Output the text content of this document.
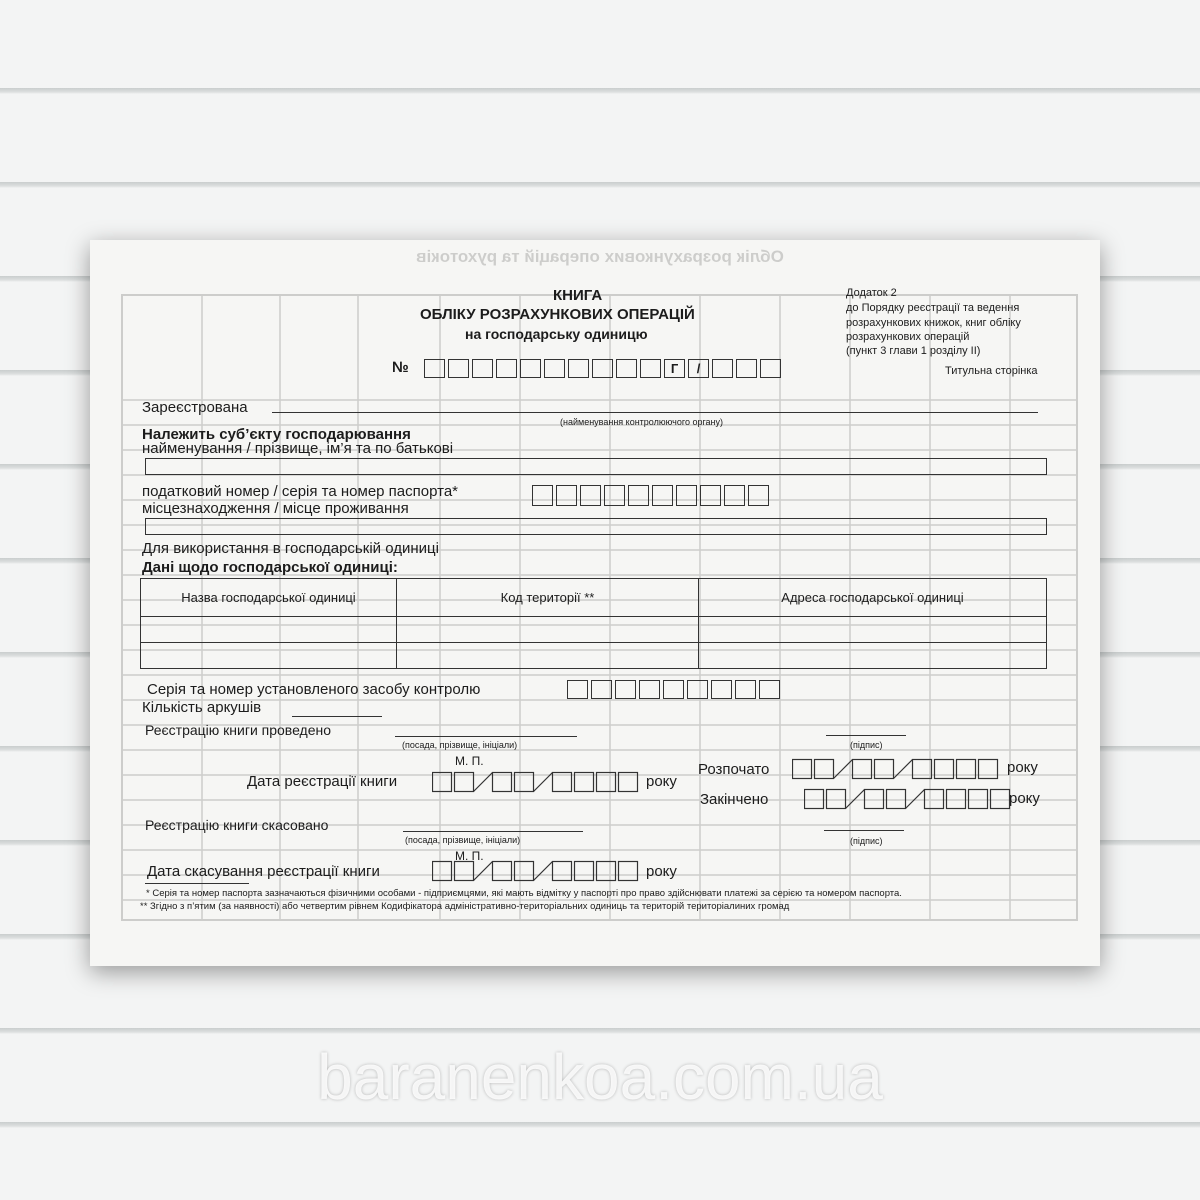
Облік розрахункових операцій та рухотоків
КНИГА
ОБЛІКУ РОЗРАХУНКОВИХ ОПЕРАЦІЙ
на господарську одиницю
Додаток 2
до Порядку реєстрації та ведення
розрахункових книжок, книг обліку
розрахункових операцій
(пункт 3 глави 1 розділу ІІ)
Титульна сторінка
№	Г	/
Зареєстрована
(найменування контролюючого органу)
Належить суб’єкту господарювання
найменування / прізвище, ім’я та по батькові
податковий номер / серія та номер паспорта*
місцезнаходження / місце проживання
Для використання в господарській одиниці
Дані щодо господарської одиниці:
Назва господарської одиниці	Код території **	Адреса господарської одиниці

Серія та номер установленого засобу контролю
Кількість аркушів
Реєстрацію книги проведено
(посада, прізвище, ініціали)	(підпис)
М. П.
Дата реєстрації книги	року
Розпочато	року
Закінчено	року
Реєстрацію книги скасовано
(посада, прізвище, ініціали)	(підпис)
М. П.
Дата скасування реєстрації книги	року
* Серія та номер паспорта зазначаються фізичними особами - підприємцями, які мають відмітку у паспорті про право здійснювати платежі за серією та номером паспорта.
** Згідно з п’ятим (за наявності) або четвертим рівнем Кодифікатора адміністративно-територіальних одиниць та територій територіалиних громад
baranenkoa.com.ua
